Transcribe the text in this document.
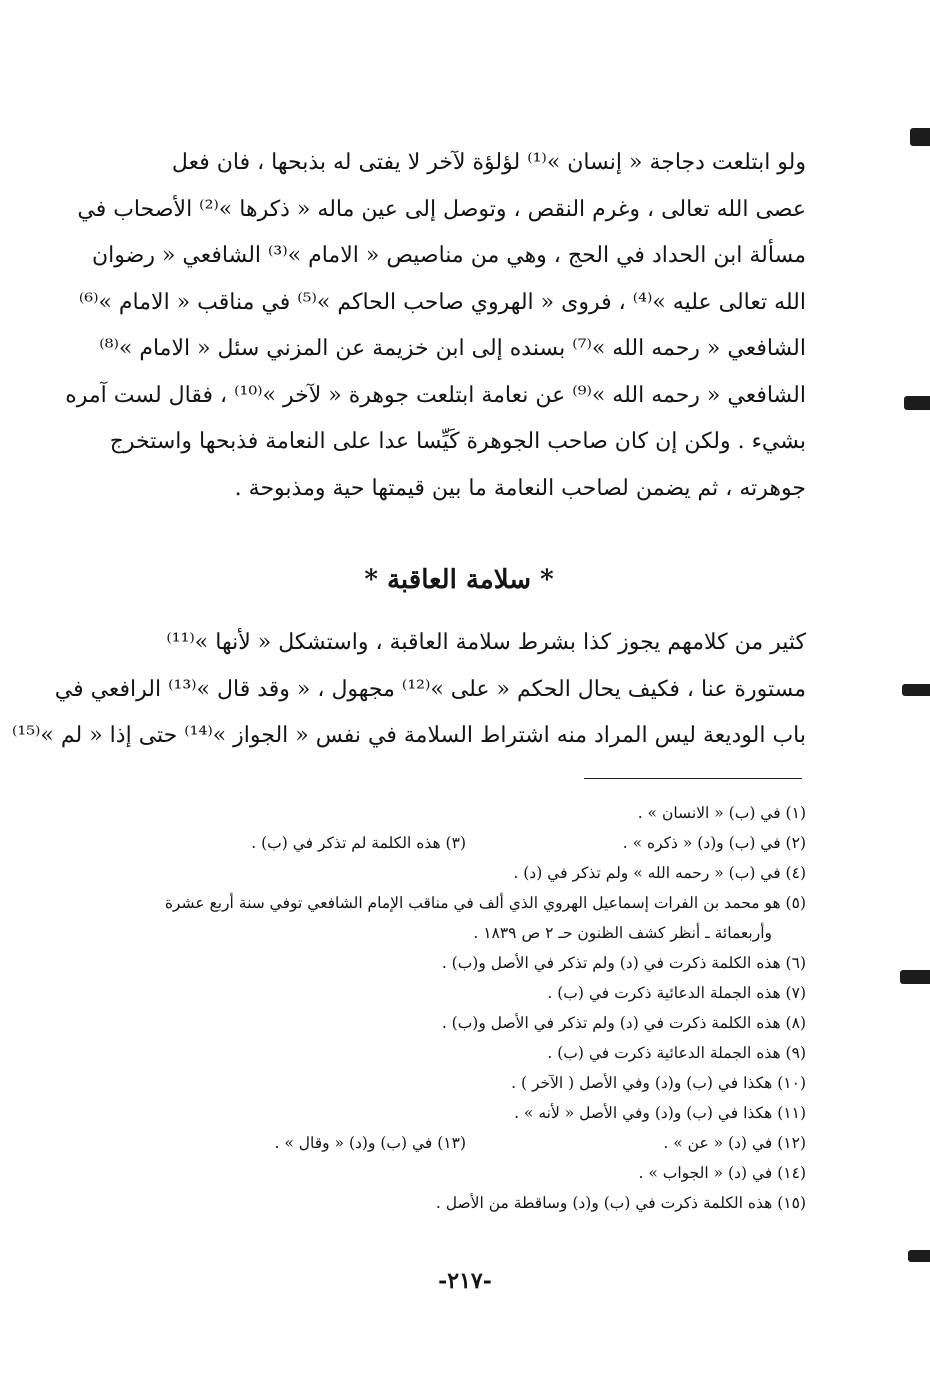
ولو ابتلعت دجاجة « إنسان »⁽¹⁾ لؤلؤة لآخر لا يفتى له بذبحها ، فان فعل
عصى الله تعالى ، وغرم النقص ، وتوصل إلى عين ماله « ذكرها »⁽²⁾ الأصحاب في
مسألة ابن الحداد في الحج ، وهي من مناصيص « الامام »⁽³⁾ الشافعي « رضوان
الله تعالى عليه »⁽⁴⁾ ، فروى « الهروي صاحب الحاكم »⁽⁵⁾ في مناقب « الامام »⁽⁶⁾
الشافعي « رحمه الله »⁽⁷⁾ بسنده إلى ابن خزيمة عن المزني سئل « الامام »⁽⁸⁾
الشافعي « رحمه الله »⁽⁹⁾ عن نعامة ابتلعت جوهرة « لآخر »⁽¹⁰⁾ ، فقال لست آمره
بشيء . ولكن إن كان صاحب الجوهرة كَيِّسا عدا على النعامة فذبحها واستخرج
جوهرته ، ثم يضمن لصاحب النعامة ما بين قيمتها حية ومذبوحة .
* سلامة العاقبة *
كثير من كلامهم يجوز كذا بشرط سلامة العاقبة ، واستشكل « لأنها »⁽¹¹⁾
مستورة عنا ، فكيف يحال الحكم « على »⁽¹²⁾ مجهول ، « وقد قال »⁽¹³⁾ الرافعي في
باب الوديعة ليس المراد منه اشتراط السلامة في نفس « الجواز »⁽¹⁴⁾ حتى إذا « لم »⁽¹⁵⁾
(١) في (ب) « الانسان » .
(٢) في (ب) و(د) « ذكره » .
(٣) هذه الكلمة لم تذكر في (ب) .
(٤) في (ب) « رحمه الله » ولم تذكر في (د) .
(٥) هو محمد بن الفرات إسماعيل الهروي الذي ألف في مناقب الإمام الشافعي توفي سنة أربع عشرة
وأربعمائة ـ أنظر كشف الظنون حـ ٢ ص ١٨٣٩ .
(٦) هذه الكلمة ذكرت في (د) ولم تذكر في الأصل و(ب) .
(٧) هذه الجملة الدعائية ذكرت في (ب) .
(٨) هذه الكلمة ذكرت في (د) ولم تذكر في الأصل و(ب) .
(٩) هذه الجملة الدعائية ذكرت في (ب) .
(١٠) هكذا في (ب) و(د) وفي الأصل ( الآخر ) .
(١١) هكذا في (ب) و(د) وفي الأصل « لأنه » .
(١٢) في (د) « عن » .
(١٣) في (ب) و(د) « وقال » .
(١٤) في (د) « الجواب » .
(١٥) هذه الكلمة ذكرت في (ب) و(د) وساقطة من الأصل .
-٢١٧-
